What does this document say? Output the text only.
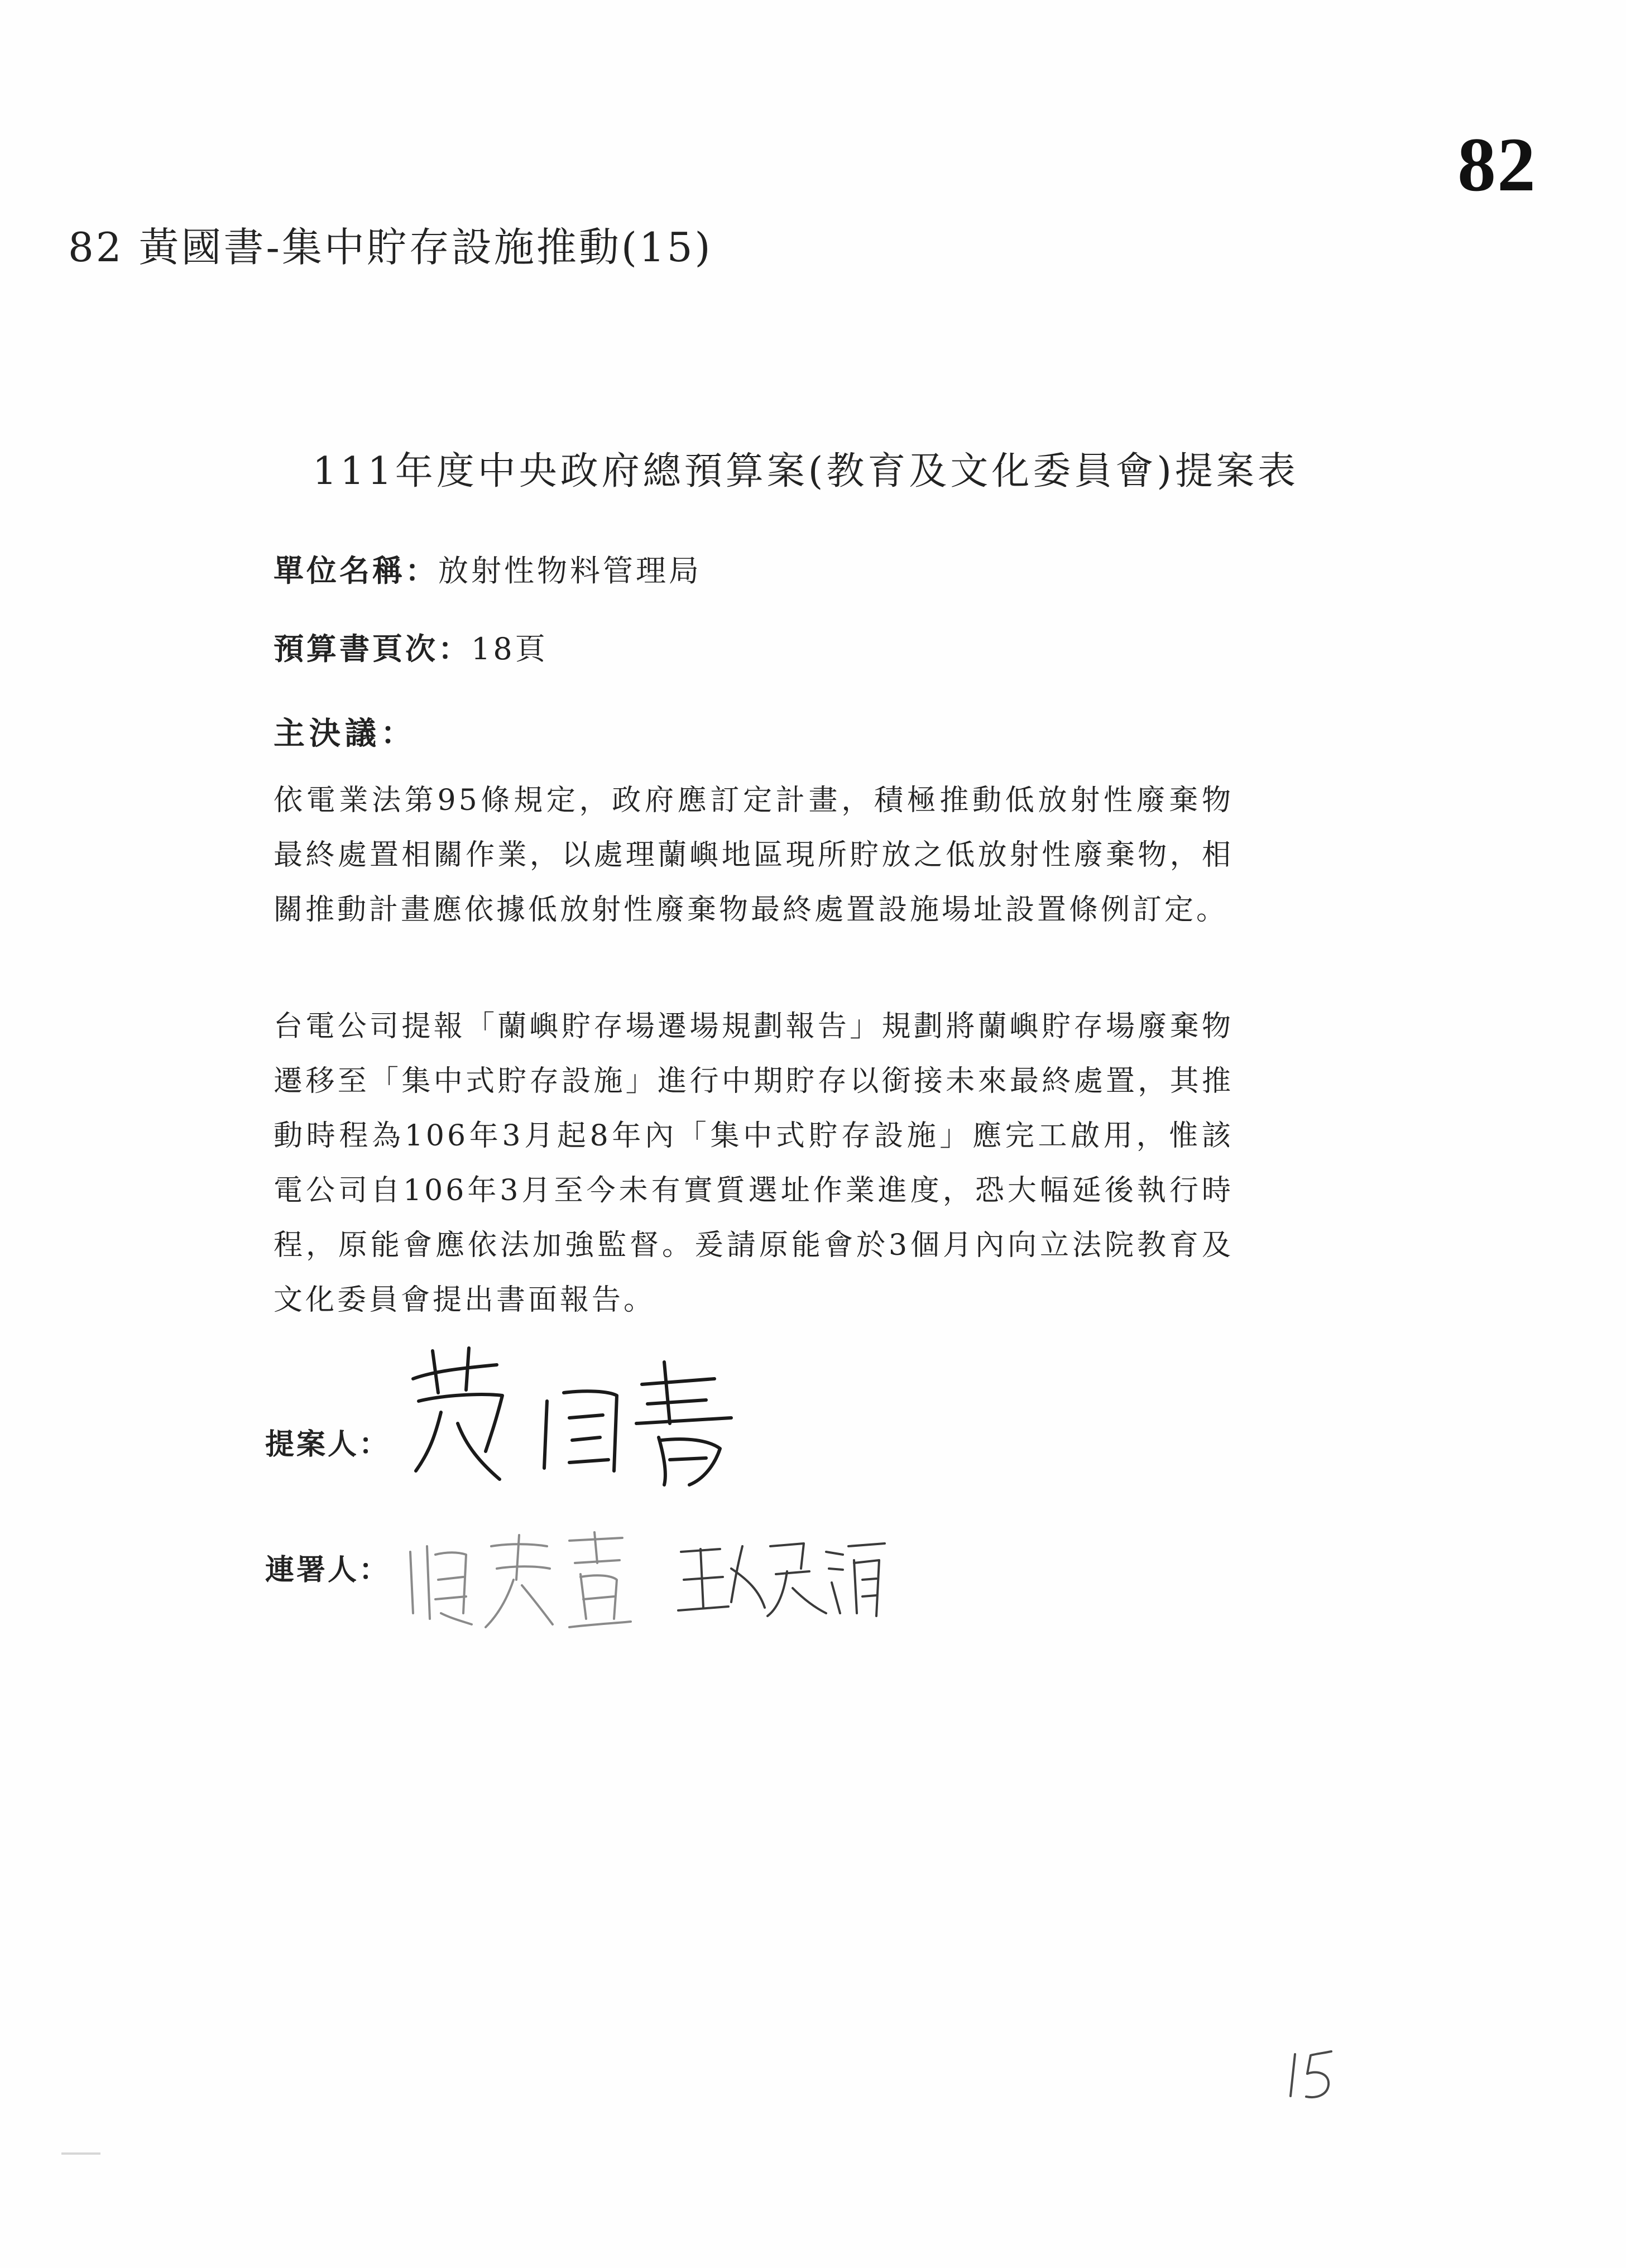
82
82 黃國書-集中貯存設施推動(15)
111年度中央政府總預算案(教育及文化委員會)提案表
單位名稱：放射性物料管理局
預算書頁次：18頁
主決議：
依電業法第95條規定，政府應訂定計畫，積極推動低放射性廢棄物最終處置相關作業，以處理蘭嶼地區現所貯放之低放射性廢棄物，相關推動計畫應依據低放射性廢棄物最終處置設施場址設置條例訂定。
台電公司提報「蘭嶼貯存場遷場規劃報告」規劃將蘭嶼貯存場廢棄物遷移至「集中式貯存設施」進行中期貯存以銜接未來最終處置，其推動時程為106年3月起8年內「集中式貯存設施」應完工啟用，惟該電公司自106年3月至今未有實質選址作業進度，恐大幅延後執行時程，原能會應依法加強監督。爰請原能會於3個月內向立法院教育及文化委員會提出書面報告。
提案人：
連署人：
